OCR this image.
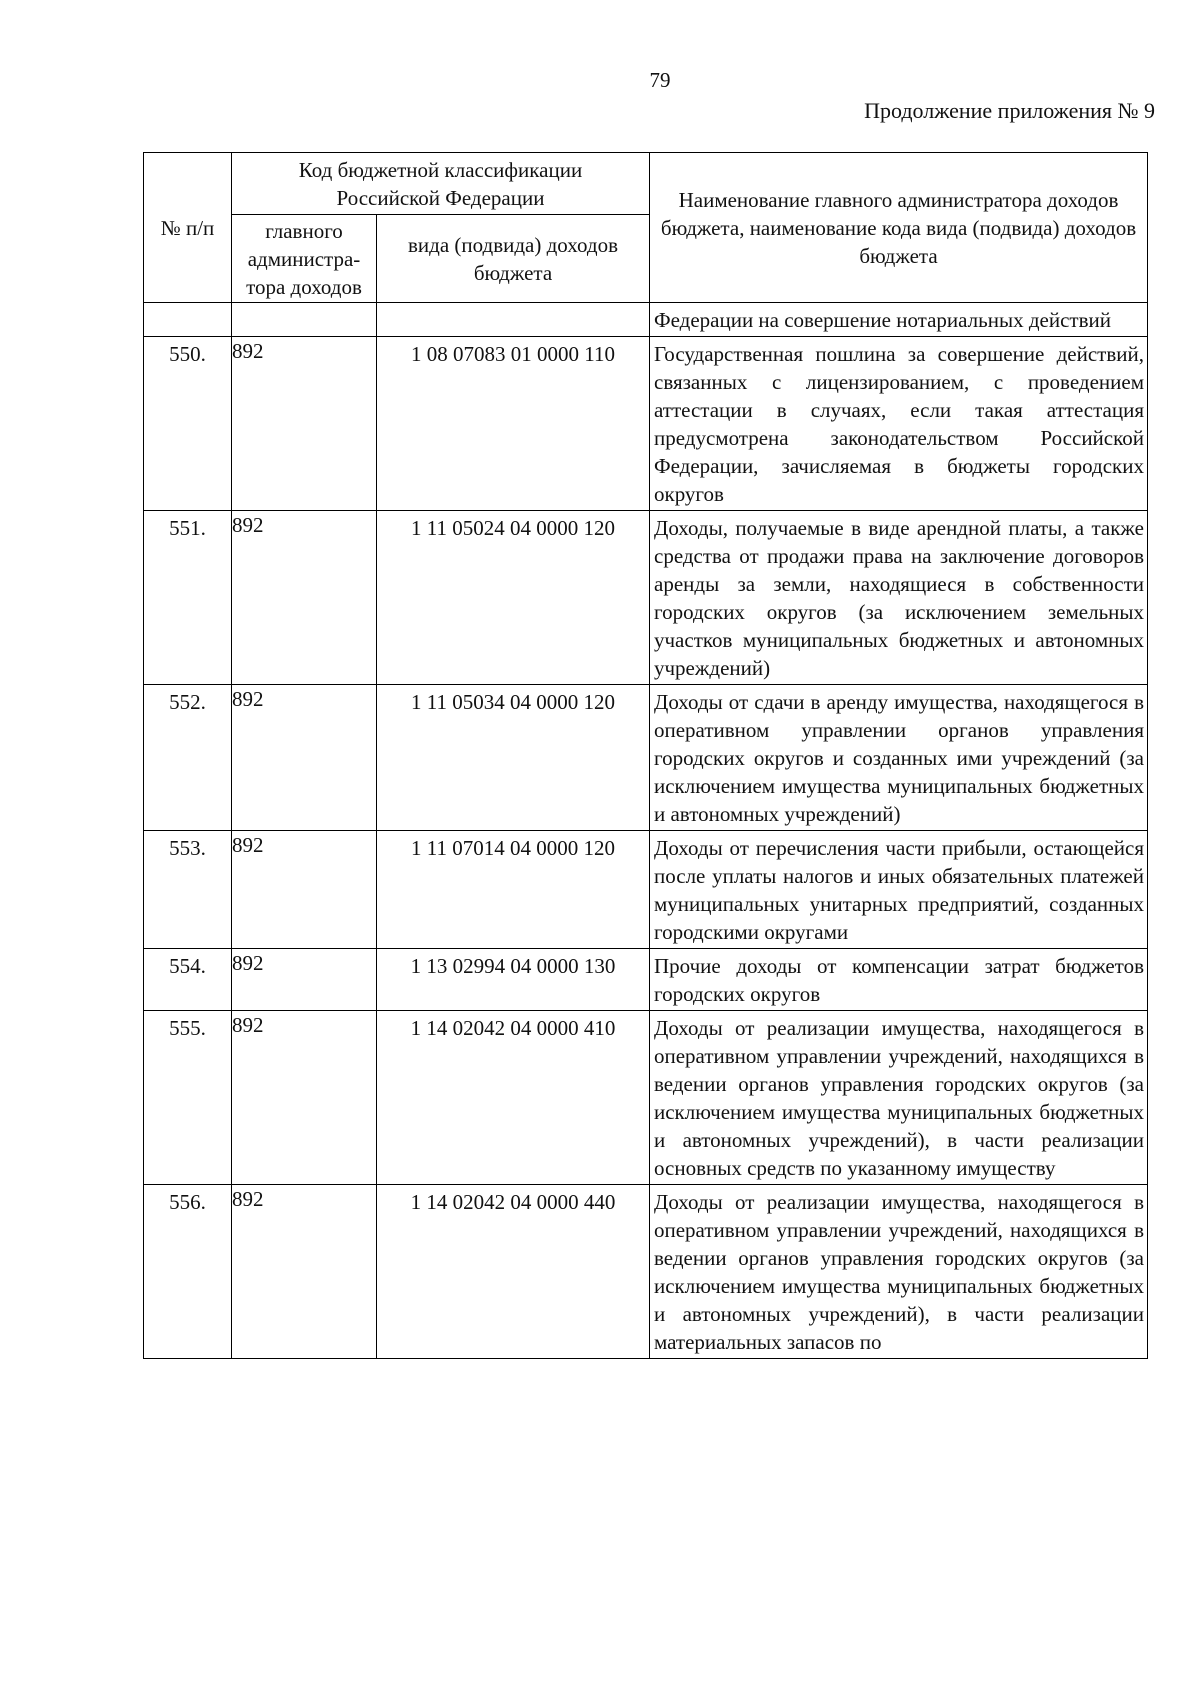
79
Продолжение приложения № 9
№ п/п	Код бюджетной классификации Российской Федерации		Наименование главного администратора доходов бюджета, наименование кода вида (подвида) доходов бюджета
	главного администра-тора доходов	вида (подвида) доходов бюджета	
			Федерации на совершение нотариальных действий
550.	892	1 08 07083 01 0000 110	Государственная пошлина за совершение действий, связанных с лицензированием, с проведением аттестации в случаях, если такая аттестация предусмотрена законодательством Российской Федерации, зачисляемая в бюджеты городских округов
551.	892	1 11 05024 04 0000 120	Доходы, получаемые в виде арендной платы, а также средства от продажи права на заключение договоров аренды за земли, находящиеся в собственности городских округов (за исключением земельных участков муниципальных бюджетных и автономных учреждений)
552.	892	1 11 05034 04 0000 120	Доходы от сдачи в аренду имущества, находящегося в оперативном управлении органов управления городских округов и созданных ими учреждений (за исключением имущества муниципальных бюджетных и автономных учреждений)
553.	892	1 11 07014 04 0000 120	Доходы от перечисления части прибыли, остающейся после уплаты налогов и иных обязательных платежей муниципальных унитарных предприятий, созданных городскими округами
554.	892	1 13 02994 04 0000 130	Прочие доходы от компенсации затрат бюджетов городских округов
555.	892	1 14 02042 04 0000 410	Доходы от реализации имущества, находящегося в оперативном управлении учреждений, находящихся в ведении органов управления городских округов (за исключением имущества муниципальных бюджетных и автономных учреждений), в части реализации основных средств по указанному имуществу
556.	892	1 14 02042 04 0000 440	Доходы от реализации имущества, находящегося в оперативном управлении учреждений, находящихся в ведении органов управления городских округов (за исключением имущества муниципальных бюджетных и автономных учреждений), в части реализации материальных запасов по
